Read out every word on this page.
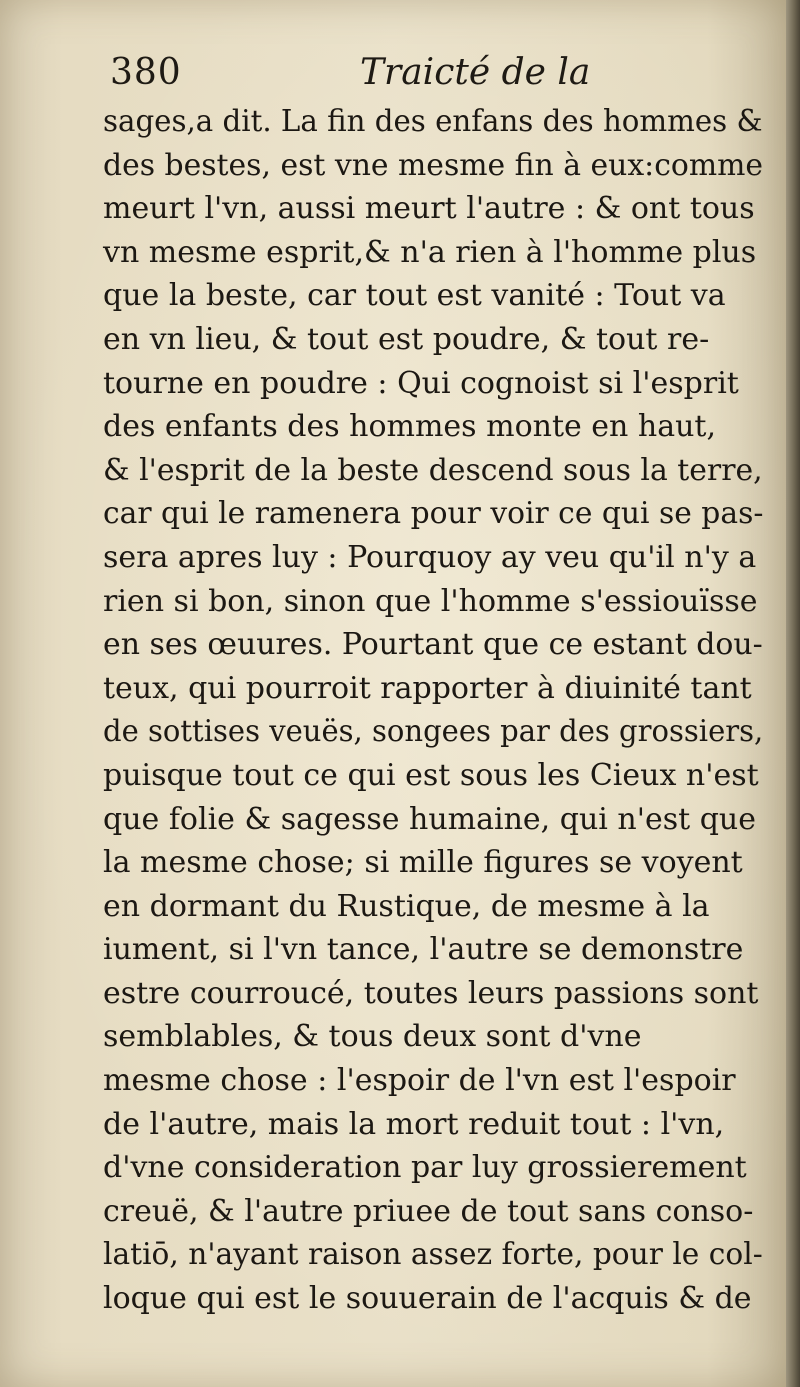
380	Traicté de la
sages,a dit. La fin des enfans des hommes &
des bestes, est vne mesme fin à eux:comme
meurt l'vn, aussi meurt l'autre : & ont tous
vn mesme esprit,& n'a rien à l'homme plus
que la beste, car tout est vanité : Tout va
en vn lieu, & tout est poudre, & tout re-
tourne en poudre : Qui cognoist si l'esprit
des enfants des hommes monte en haut,
& l'esprit de la beste descend sous la terre,
car qui le ramenera pour voir ce qui se pas-
sera apres luy : Pourquoy ay veu qu'il n'y a
rien si bon, sinon que l'homme s'essiouïsse
en ses œuures. Pourtant que ce estant dou-
teux, qui pourroit rapporter à diuinité tant
de sottises veuës, songees par des grossiers,
puisque tout ce qui est sous les Cieux n'est
que folie & sagesse humaine, qui n'est que
la mesme chose; si mille figures se voyent
en dormant du Rustique, de mesme à la
iument, si l'vn tance, l'autre se demonstre
estre courroucé, toutes leurs passions sont
semblables, & tous deux sont d'vne
mesme chose : l'espoir de l'vn est l'espoir
de l'autre, mais la mort reduit tout : l'vn,
d'vne consideration par luy grossierement
creuë, & l'autre priuee de tout sans conso-
latiō, n'ayant raison assez forte, pour le col-
loque qui est le souuerain de l'acquis & de
